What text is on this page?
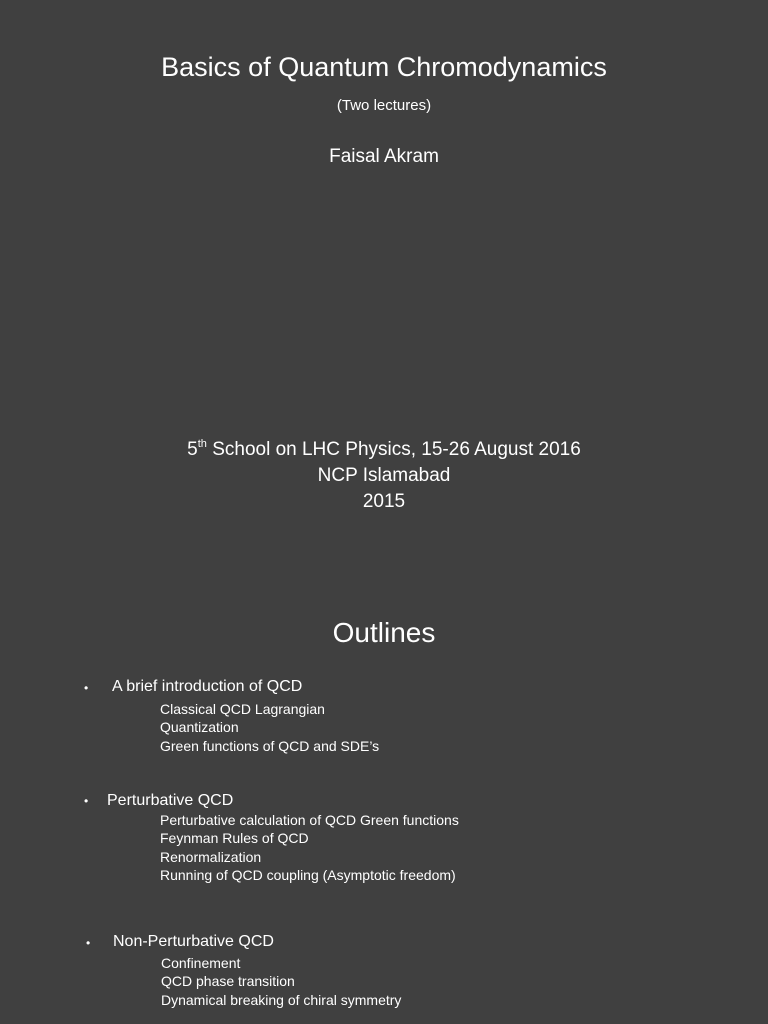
Basics of Quantum Chromodynamics
(Two lectures)
Faisal Akram
5th School on LHC Physics, 15-26 August 2016
NCP Islamabad
2015
Outlines
• A brief introduction of QCD
Classical QCD Lagrangian
Quantization
Green functions of QCD and SDE’s
• Perturbative QCD
Perturbative calculation of QCD Green functions
Feynman Rules of QCD
Renormalization
Running of QCD coupling (Asymptotic freedom)
• Non-Perturbative QCD
Confinement
QCD phase transition
Dynamical breaking of chiral symmetry
